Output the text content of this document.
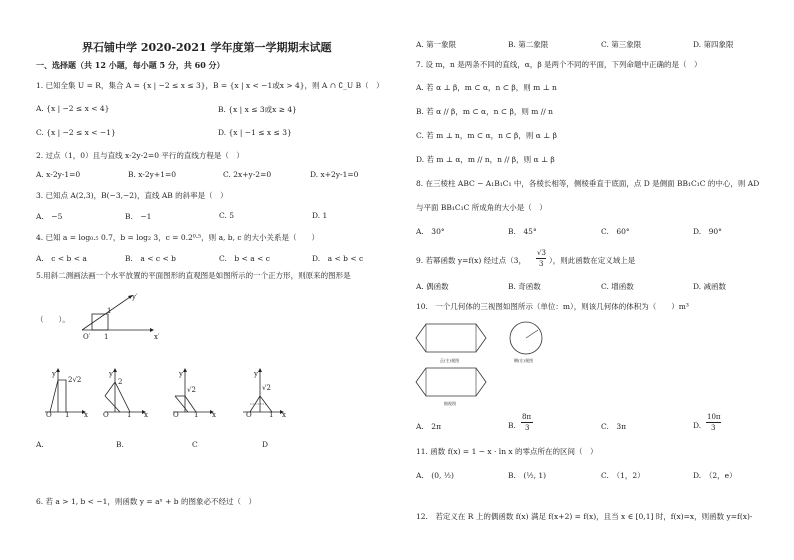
界石铺中学 2020-2021 学年度第一学期期末试题
一、选择题（共 12 小题，每小题 5 分，共 60 分）
1. 已知全集 U = R，集合 A = {x | −2 ≤ x ≤ 3}，B = {x | x < −1或x > 4}，则 A ∩ ∁_U B（　）
A. {x | −2 ≤ x < 4}	B. {x | x ≤ 3或x ≥ 4}
C. {x | −2 ≤ x < −1}	D. {x | −1 ≤ x ≤ 3}
2. 过点（1，0）且与直线 x-2y-2=0 平行的直线方程是（　）
A. x-2y-1=0	B. x-2y+1=0	C. 2x+y-2=0	D. x+2y-1=0
3. 已知点 A(2,3)，B(−3,−2)，直线 AB 的斜率是（　）
A.　−5	B.　−1	C. 5	D. 1
4. 已知 a = log₀.₅ 0.7，b = log₂ 3，c = 0.2⁰·⁵，则 a, b, c 的大小关系是（　　）
A.　c < b < a	B.　a < c < b	C.　b < a < c	D.　a < b < c
5.用斜二测画法画一个水平放置的平面图形的直观图是如图所示的一个正方形，则原来的图形是
（　　）。
1
1
O′
y′
x′
y
2√2
O 1 x
A.
y
2
O	1 x
B.
y
√2
O 1 x
C
y
√2
O 1 x
D
6. 若 a > 1, b < −1，则函数 y = aˣ + b 的图象必不经过（　）
A. 第一象限	B. 第二象限	C. 第三象限	D. 第四象限
7. 设 m，n 是两条不同的直线，α，β 是两个不同的平面，下列命题中正确的是（　）
A. 若 α ⊥ β，m ⊂ α，n ⊂ β，则 m ⊥ n
B. 若 α // β，m ⊂ α，n ⊂ β，则 m // n
C. 若 m ⊥ n，m ⊂ α，n ⊂ β，则 α ⊥ β
D. 若 m ⊥ α，m // n，n // β，则 α ⊥ β
8. 在三棱柱 ABC − A₁B₁C₁ 中，各棱长相等，侧棱垂直于底面，点 D 是侧面 BB₁C₁C 的中心，则 AD
与平面 BB₁C₁C 所成角的大小是（　）
A.　30°	B.　45°	C.　60°	D.　90°
9. 若幂函数 y=f(x) 经过点（3，
√3
3 ），则此函数在定义域上是
A. 偶函数	B. 奇函数	C. 增函数	D. 减函数
10.　一个几何体的三视图如图所示（单位：m），则该几何体的体积为（　　）m³
正(主)视图	侧(左)视图
俯视图
A.　2π	B.
8π
3	C.　3π	D.
10π
3
11. 函数 f(x) = 1 − x · ln x 的零点所在的区间（　）
A.　(0, ½)	B.　(½, 1)	C.　（1，2）	D.　（2，e）
12.　若定义在 R 上的偶函数 f(x) 满足 f(x+2) = f(x)，且当 x ∈ [0,1] 时，f(x)=x，则函数 y=f(x)-
